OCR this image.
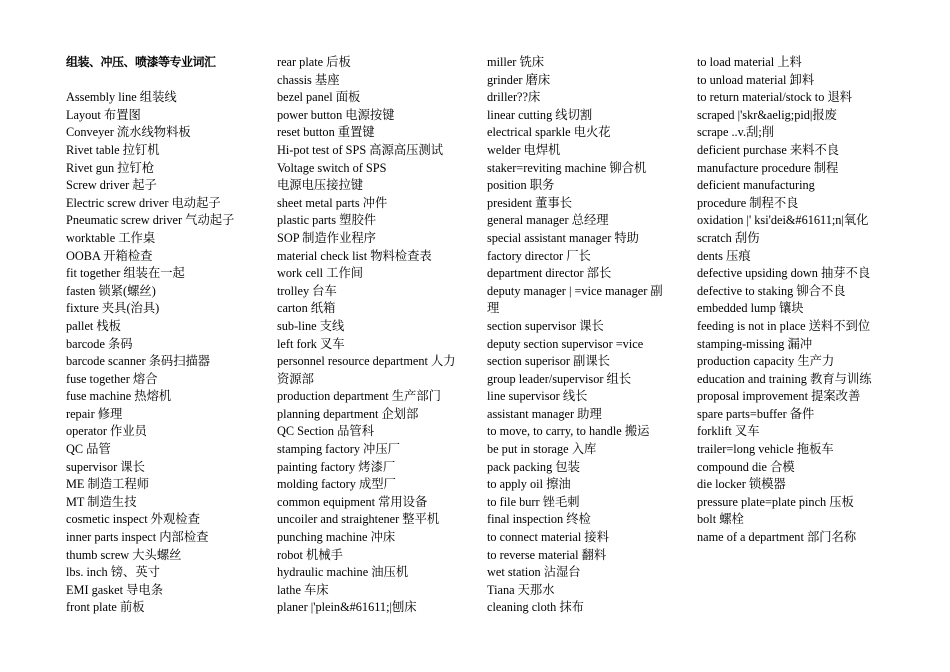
组装、冲压、喷漆等专业词汇
Assembly line 组装线
Layout 布置图
Conveyer 流水线物料板
Rivet table 拉钉机
Rivet gun 拉钉枪
Screw driver 起子
Electric screw driver 电动起子
Pneumatic screw driver 气动起子
worktable 工作桌
OOBA 开箱检查
fit together 组装在一起
fasten 锁紧(螺丝)
fixture 夹具(治具)
pallet 栈板
barcode 条码
barcode scanner 条码扫描器
fuse together 熔合
fuse machine 热熔机
repair 修理
operator 作业员
QC 品管
supervisor 课长
ME 制造工程师
MT 制造生技
cosmetic inspect 外观检查
inner parts inspect 内部检查
thumb screw 大头螺丝
lbs. inch 镑、英寸
EMI gasket 导电条
front plate 前板
rear plate 后板
chassis 基座
bezel panel 面板
power button 电源按键
reset button 重置键
Hi-pot test of SPS 高源高压测试
Voltage switch of SPS
电源电压接拉键
sheet metal parts 冲件
plastic parts 塑胶件
SOP 制造作业程序
material check list 物料检查表
work cell 工作间
trolley 台车
carton 纸箱
sub-line 支线
left fork 叉车
personnel resource department 人力资源部
production department 生产部门
planning department 企划部
QC Section 品管科
stamping factory 冲压厂
painting factory 烤漆厂
molding factory 成型厂
common equipment 常用设备
uncoiler and straightener 整平机
punching machine 冲床
robot 机械手
hydraulic machine 油压机
lathe 车床
planer |'plein&#61611;|刨床
miller 铣床
grinder 磨床
driller??床
linear cutting 线切割
electrical sparkle 电火花
welder 电焊机
staker=reviting machine 铆合机
position 职务
president 董事长
general manager 总经理
special assistant manager 特助
factory director 厂长
department director 部长
deputy manager | =vice manager 副理
section supervisor 课长
deputy section supervisor =vice
section superisor 副课长
group leader/supervisor 组长
line supervisor 线长
assistant manager 助理
to move, to carry, to handle 搬运
be put in storage 入库
pack packing 包装
to apply oil 擦油
to file burr 锉毛刺
final inspection 终检
to connect material 接料
to reverse material 翻料
wet station 沾湿台
Tiana 天那水
cleaning cloth 抹布
to load material 上料
to unload material 卸料
to return material/stock to 退料
scraped |'skr&aelig;pid|报废
scrape ..v.刮;削
deficient purchase 来料不良
manufacture procedure 制程
deficient manufacturing
procedure 制程不良
oxidation |' ksi'dei&#61611;n|氧化
scratch 刮伤
dents 压痕
defective upsiding down 抽芽不良
defective to staking 铆合不良
embedded lump 镶块
feeding is not in place 送料不到位
stamping-missing 漏冲
production capacity 生产力
education and training 教育与训练
proposal improvement 提案改善
spare parts=buffer 备件
forklift 叉车
trailer=long vehicle 拖板车
compound die 合模
die locker 锁模器
pressure plate=plate pinch 压板
bolt 螺栓
name of a department 部门名称
